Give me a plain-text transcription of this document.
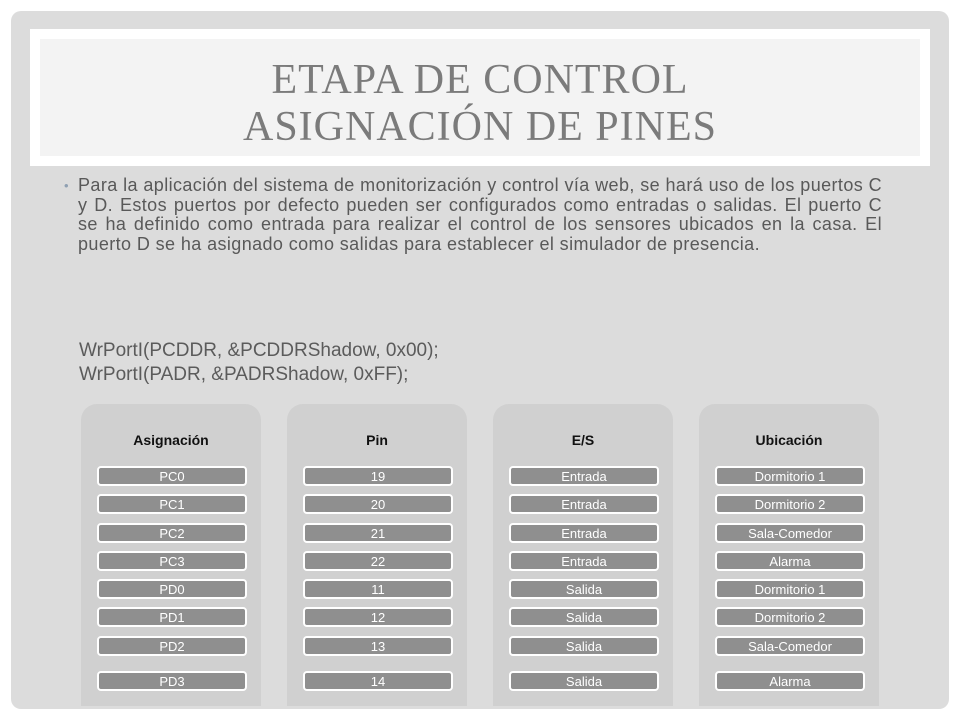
ETAPA DE CONTROL
ASIGNACIÓN DE PINES
• Para la aplicación del sistema de monitorización y control vía web, se hará uso de los puertos C y D. Estos puertos por defecto pueden ser configurados como entradas o salidas. El puerto C se ha definido como entrada para realizar el control de los sensores ubicados en la casa. El puerto D se ha asignado como salidas para establecer el simulador de presencia.
WrPortI(PCDDR, &PCDDRShadow, 0x00);
WrPortI(PADR, &PADRShadow, 0xFF);
Asignación
PC0
PC1
PC2
PC3
PD0
PD1
PD2
PD3
Pin
19
20
21
22
11
12
13
14
E/S
Entrada
Entrada
Entrada
Entrada
Salida
Salida
Salida
Salida
Ubicación
Dormitorio 1
Dormitorio 2
Sala-Comedor
Alarma
Dormitorio 1
Dormitorio 2
Sala-Comedor
Alarma
